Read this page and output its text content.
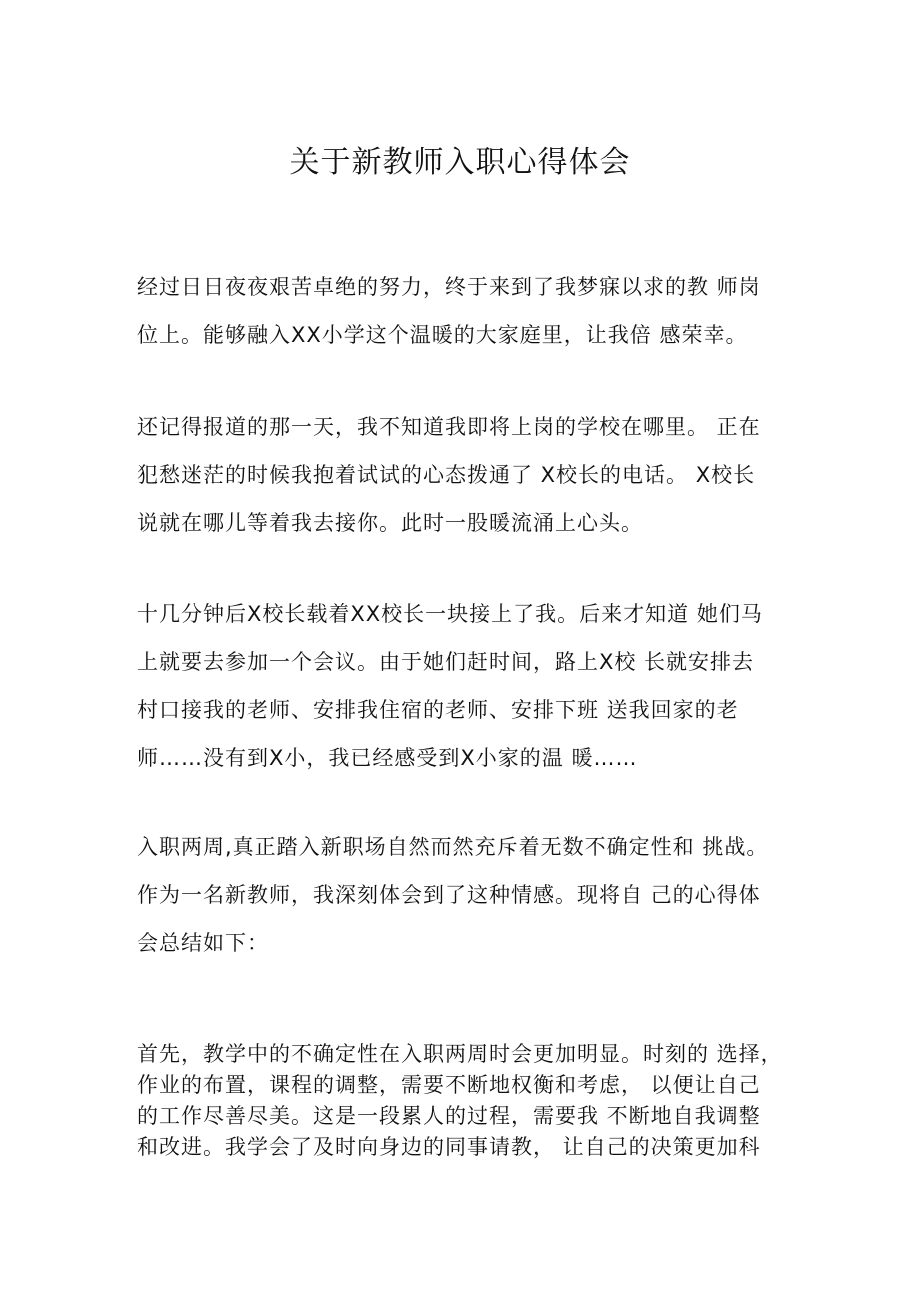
关于新教师入职心得体会

经过日日夜夜艰苦卓绝的努力，终于来到了我梦寐以求的教 师岗
位上。能够融入XX小学这个温暖的大家庭里，让我倍 感荣幸。

还记得报道的那一天，我不知道我即将上岗的学校在哪里。 正在
犯愁迷茫的时候我抱着试试的心态拨通了 X校长的电话。 X校长
说就在哪儿等着我去接你。此时一股暖流涌上心头。

十几分钟后X校长载着XX校长一块接上了我。后来才知道 她们马
上就要去参加一个会议。由于她们赶时间，路上X校 长就安排去
村口接我的老师、安排我住宿的老师、安排下班 送我回家的老
师……没有到X小，我已经感受到X小家的温 暖……

入职两周,真正踏入新职场自然而然充斥着无数不确定性和 挑战。
作为一名新教师，我深刻体会到了这种情感。现将自 己的心得体
会总结如下：

首先，教学中的不确定性在入职两周时会更加明显。时刻的 选择，
作业的布置，课程的调整，需要不断地权衡和考虑， 以便让自己
的工作尽善尽美。这是一段累人的过程，需要我 不断地自我调整
和改进。我学会了及时向身边的同事请教， 让自己的决策更加科
